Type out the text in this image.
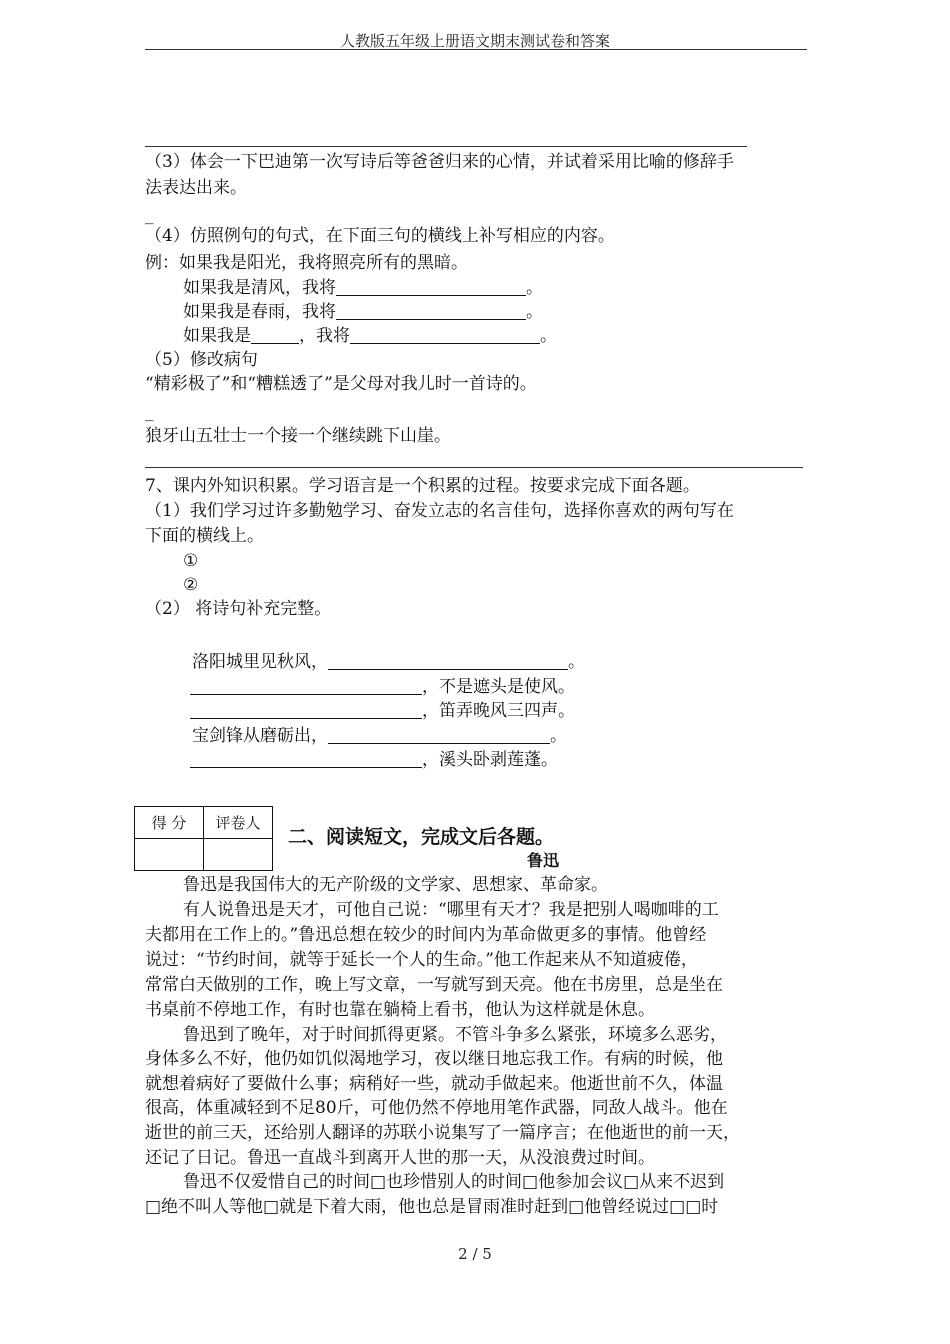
人教版五年级上册语文期末测试卷和答案
（3）体会一下巴迪第一次写诗后等爸爸归来的心情，并试着采用比喻的修辞手
法表达出来。
_
（4）仿照例句的句式，在下面三句的横线上补写相应的内容。
例：如果我是阳光，我将照亮所有的黑暗。
如果我是清风，我将	。
如果我是春雨，我将	。
如果我是	，我将	。
（5）修改病句
“精彩极了”和“糟糕透了”是父母对我儿时一首诗的。
_
狼牙山五壮士一个接一个继续跳下山崖。
7、课内外知识积累。学习语言是一个积累的过程。按要求完成下面各题。
（1）我们学习过许多勤勉学习、奋发立志的名言佳句，选择你喜欢的两句写在
下面的横线上。
①
②
（2） 将诗句补充完整。
洛阳城里见秋风，	。
，不是遮头是使风。
，笛弄晚风三四声。
宝剑锋从磨砺出，	。
，溪头卧剥莲蓬。
得 分	评卷人

二、阅读短文，完成文后各题。
鲁迅
鲁迅是我国伟大的无产阶级的文学家、思想家、革命家。
有人说鲁迅是天才，可他自己说：“哪里有天才？我是把别人喝咖啡的工
夫都用在工作上的。”鲁迅总想在较少的时间内为革命做更多的事情。他曾经
说过：“节约时间，就等于延长一个人的生命。”他工作起来从不知道疲倦，
常常白天做别的工作，晚上写文章，一写就写到天亮。他在书房里，总是坐在
书桌前不停地工作，有时也靠在躺椅上看书，他认为这样就是休息。
鲁迅到了晚年，对于时间抓得更紧。不管斗争多么紧张，环境多么恶劣，
身体多么不好，他仍如饥似渴地学习，夜以继日地忘我工作。有病的时候，他
就想着病好了要做什么事；病稍好一些，就动手做起来。他逝世前不久，体温
很高，体重减轻到不足80斤，可他仍然不停地用笔作武器，同敌人战斗。他在
逝世的前三天，还给别人翻译的苏联小说集写了一篇序言；在他逝世的前一天，
还记了日记。鲁迅一直战斗到离开人世的那一天，从没浪费过时间。
鲁迅不仅爱惜自己的时间□也珍惜别人的时间□他参加会议□从来不迟到
□绝不叫人等他□就是下着大雨，他也总是冒雨准时赶到□他曾经说过□□时
2 / 5
